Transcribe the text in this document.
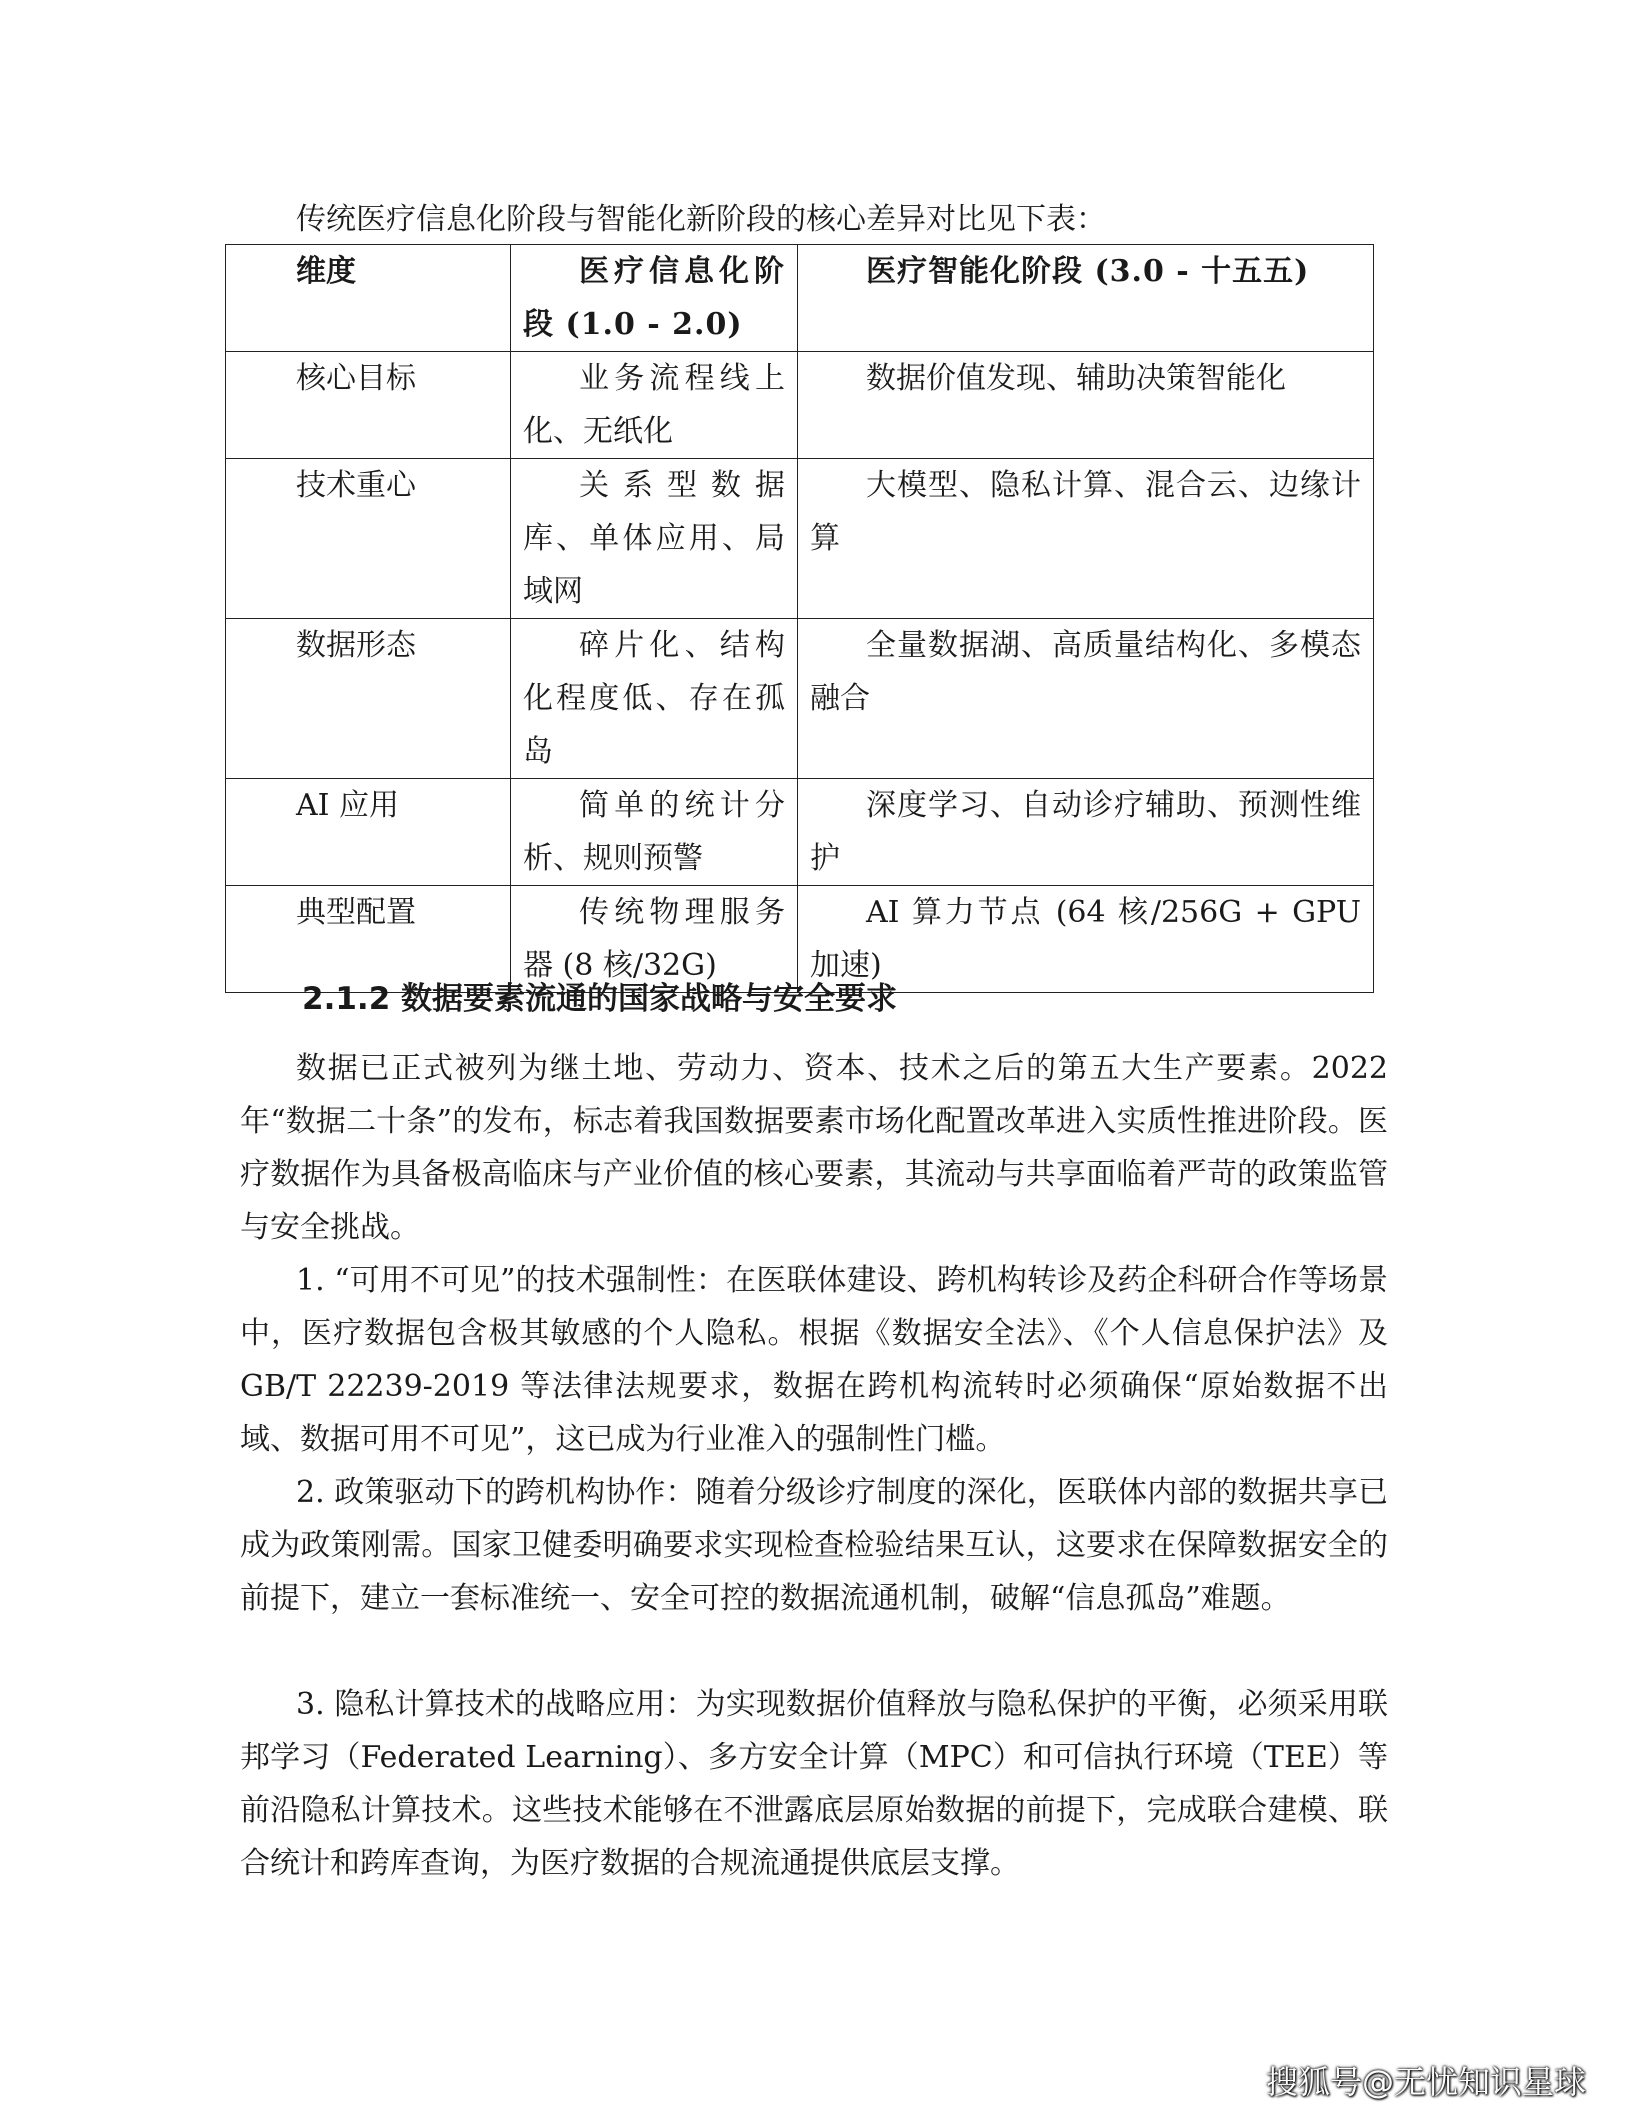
传统医疗信息化阶段与智能化新阶段的核心差异对比见下表：
维度	医疗信息化阶段 (1.0 - 2.0)	医疗智能化阶段 (3.0 - 十五五)
核心目标	业务流程线上化、无纸化	数据价值发现、辅助决策智能化
技术重心	关系型数据库、单体应用、局域网	大模型、隐私计算、混合云、边缘计算
数据形态	碎片化、结构化程度低、存在孤岛	全量数据湖、高质量结构化、多模态融合
AI 应用	简单的统计分析、规则预警	深度学习、自动诊疗辅助、预测性维护
典型配置	传统物理服务器 (8 核/32G)	AI 算力节点 (64 核/256G + GPU 加速)
2.1.2 数据要素流通的国家战略与安全要求

数据已正式被列为继土地、劳动力、资本、技术之后的第五大生产要素。2022年“数据二十条”的发布，标志着我国数据要素市场化配置改革进入实质性推进阶段。医疗数据作为具备极高临床与产业价值的核心要素，其流动与共享面临着严苛的政策监管与安全挑战。

1. “可用不可见”的技术强制性：在医联体建设、跨机构转诊及药企科研合作等场景中，医疗数据包含极其敏感的个人隐私。根据《数据安全法》、《个人信息保护法》及 GB/T 22239-2019 等法律法规要求，数据在跨机构流转时必须确保“原始数据不出域、数据可用不可见”，这已成为行业准入的强制性门槛。

2. 政策驱动下的跨机构协作：随着分级诊疗制度的深化，医联体内部的数据共享已成为政策刚需。国家卫健委明确要求实现检查检验结果互认，这要求在保障数据安全的前提下，建立一套标准统一、安全可控的数据流通机制，破解“信息孤岛”难题。

3. 隐私计算技术的战略应用：为实现数据价值释放与隐私保护的平衡，必须采用联邦学习（Federated Learning）、多方安全计算（MPC）和可信执行环境（TEE）等前沿隐私计算技术。这些技术能够在不泄露底层原始数据的前提下，完成联合建模、联合统计和跨库查询，为医疗数据的合规流通提供底层支撑。

搜狐号@无忧知识星球
